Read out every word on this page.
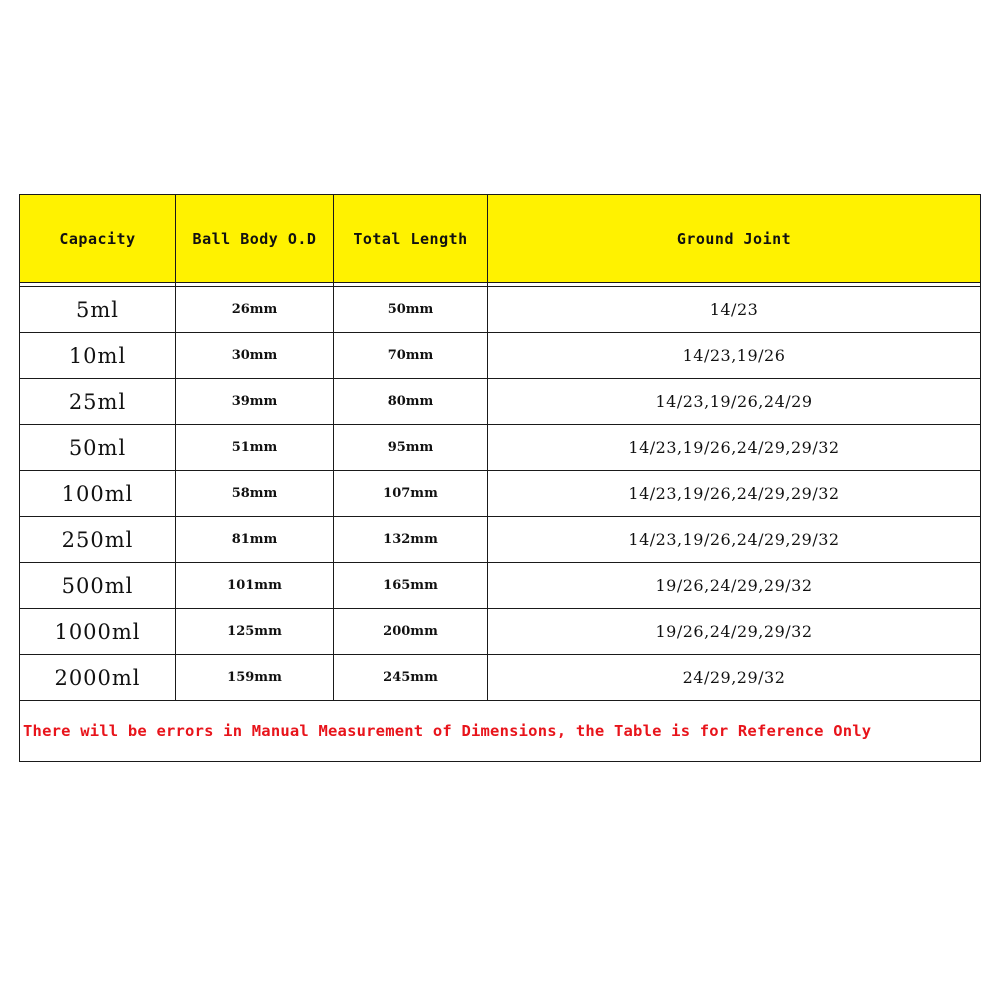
Capacity	Ball Body O.D	Total Length	Ground Joint

5ml	26mm	50mm	14/23
10ml	30mm	70mm	14/23,19/26
25ml	39mm	80mm	14/23,19/26,24/29
50ml	51mm	95mm	14/23,19/26,24/29,29/32
100ml	58mm	107mm	14/23,19/26,24/29,29/32
250ml	81mm	132mm	14/23,19/26,24/29,29/32
500ml	101mm	165mm	19/26,24/29,29/32
1000ml	125mm	200mm	19/26,24/29,29/32
2000ml	159mm	245mm	24/29,29/32
There will be errors in Manual Measurement of Dimensions, the Table is for Reference Only			
